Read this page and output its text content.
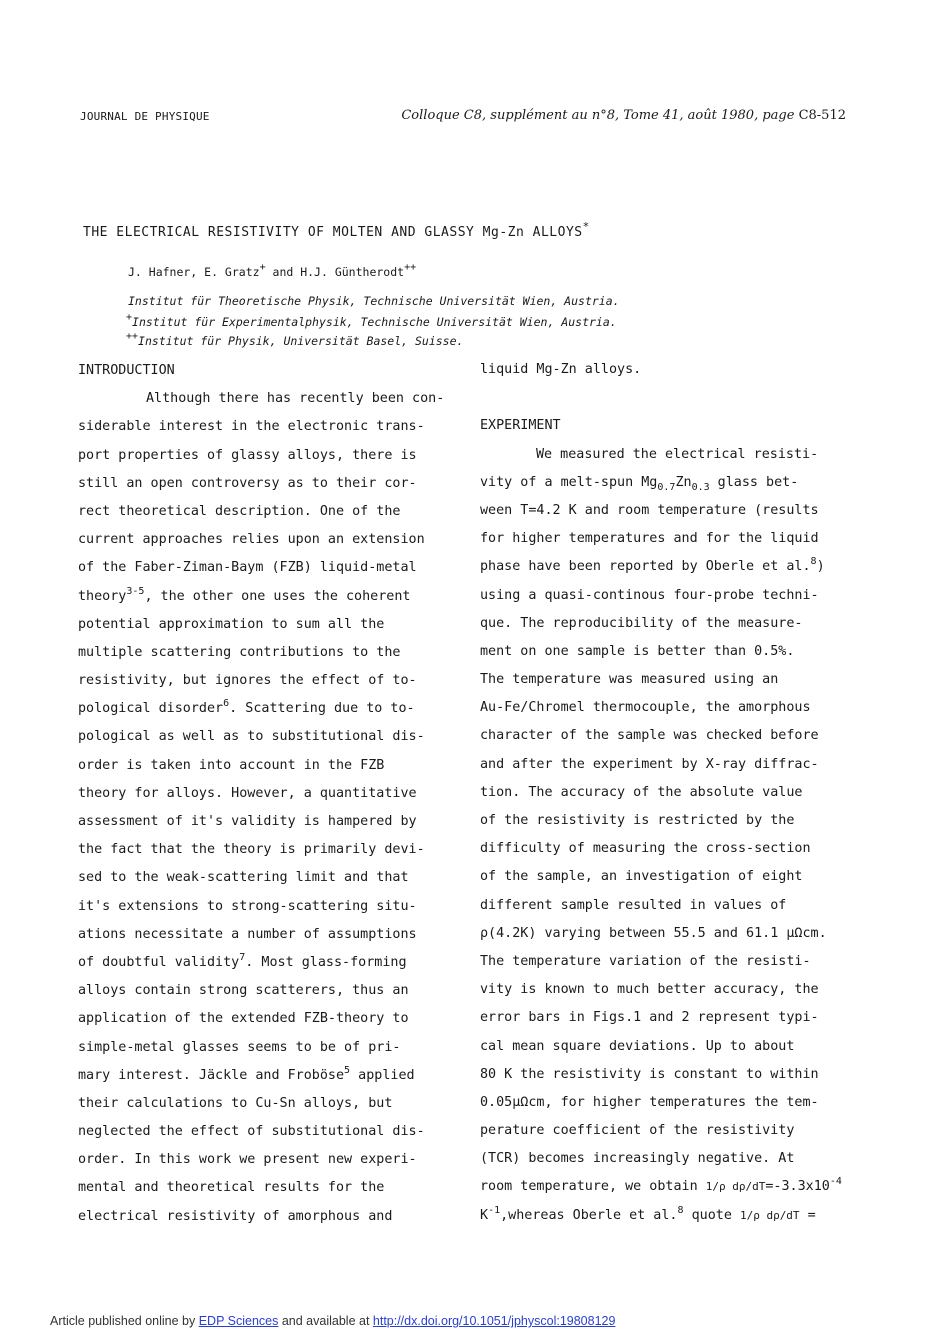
JOURNAL DE PHYSIQUE	Colloque C8, supplément au n°8, Tome 41, août 1980, page C8-512
THE ELECTRICAL RESISTIVITY OF MOLTEN AND GLASSY Mg-Zn ALLOYS*
J. Hafner, E. Gratz+ and H.J. Güntherodt++
Institut für Theoretische Physik, Technische Universität Wien, Austria.
+Institut für Experimentalphysik, Technische Universität Wien, Austria.
++Institut für Physik, Universität Basel, Suisse.
INTRODUCTION
Although there has recently been con-
siderable interest in the electronic trans-
port properties of glassy alloys, there is
still an open controversy as to their cor-
rect theoretical description. One of the
current approaches relies upon an extension
of the Faber-Ziman-Baym (FZB) liquid-metal
theory$^{3-5}$, the other one uses the coherent
potential approximation to sum all the
multiple scattering contributions to the
resistivity, but ignores the effect of to-
pological disorder$^6$. Scattering due to to-
pological as well as to substitutional dis-
order is taken into account in the FZB
theory for alloys. However, a quantitative
assessment of it's validity is hampered by
the fact that the theory is primarily devi-
sed to the weak-scattering limit and that
it's extensions to strong-scattering situ-
ations necessitate a number of assumptions
of doubtful validity$^7$. Most glass-forming
alloys contain strong scatterers, thus an
application of the extended FZB-theory to
simple-metal glasses seems to be of pri-
mary interest. Jäckle and Froböse$^5$ applied
their calculations to Cu-Sn alloys, but
neglected the effect of substitutional dis-
order. In this work we present new experi-
mental and theoretical results for the
electrical resistivity of amorphous and
liquid Mg-Zn alloys.
EXPERIMENT
We measured the electrical resisti-
vity of a melt-spun $Mg_{0.7}Zn_{0.3}$ glass bet-
ween T=4.2 K and room temperature (results
for higher temperatures and for the liquid
phase have been reported by Oberle et al.$^8$)
using a quasi-continous four-probe techni-
que. The reproducibility of the measure-
ment on one sample is better than 0.5%.
The temperature was measured using an
Au-Fe/Chromel thermocouple, the amorphous
character of the sample was checked before
and after the experiment by X-ray diffrac-
tion. The accuracy of the absolute value
of the resistivity is restricted by the
difficulty of measuring the cross-section
of the sample, an investigation of eight
different sample resulted in values of
ρ(4.2K) varying between 55.5 and 61.1 μΩcm.
The temperature variation of the resisti-
vity is known to much better accuracy, the
error bars in Figs.1 and 2 represent typi-
cal mean square deviations. Up to about
80 K the resistivity is constant to within
0.05μΩcm, for higher temperatures the tem-
perature coefficient of the resistivity
(TCR) becomes increasingly negative. At
room temperature, we obtain 1/ρ $d\rho/dT=-3.3x10^{-4}$
$K^{-1},whereas$ Oberle et al.$^8$ quote 1/ρ dρ/dT =
Article published online by EDP Sciences and available at http://dx.doi.org/10.1051/jphyscol:19808129
